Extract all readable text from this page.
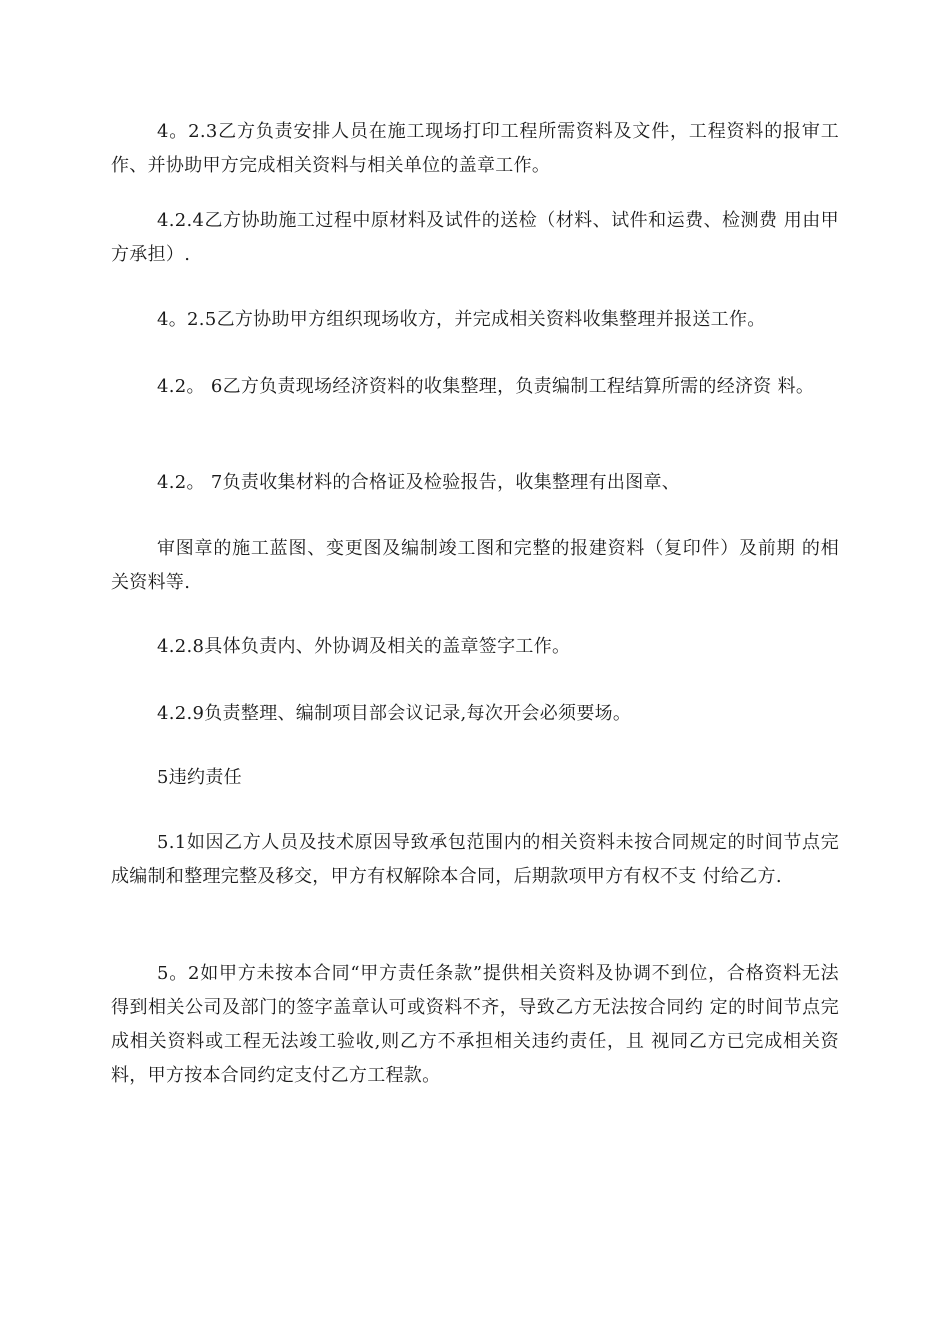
4。2.3乙方负责安排人员在施工现场打印工程所需资料及文件，工程资料的报审工作、并协助甲方完成相关资料与相关单位的盖章工作。

4.2.4乙方协助施工过程中原材料及试件的送检（材料、试件和运费、检测费 用由甲方承担）.

4。2.5乙方协助甲方组织现场收方，并完成相关资料收集整理并报送工作。

4.2。 6乙方负责现场经济资料的收集整理，负责编制工程结算所需的经济资 料。

4.2。 7负责收集材料的合格证及检验报告，收集整理有出图章、

审图章的施工蓝图、变更图及编制竣工图和完整的报建资料（复印件）及前期 的相关资料等.

4.2.8具体负责内、外协调及相关的盖章签字工作。

4.2.9负责整理、编制项目部会议记录,每次开会必须要场。

5违约责任

5.1如因乙方人员及技术原因导致承包范围内的相关资料未按合同规定的时间节点完成编制和整理完整及移交，甲方有权解除本合同，后期款项甲方有权不支 付给乙方.

5。2如甲方未按本合同“甲方责任条款”提供相关资料及协调不到位，合格资料无法得到相关公司及部门的签字盖章认可或资料不齐，导致乙方无法按合同约 定的时间节点完成相关资料或工程无法竣工验收,则乙方不承担相关违约责任，且 视同乙方已完成相关资料，甲方按本合同约定支付乙方工程款。
